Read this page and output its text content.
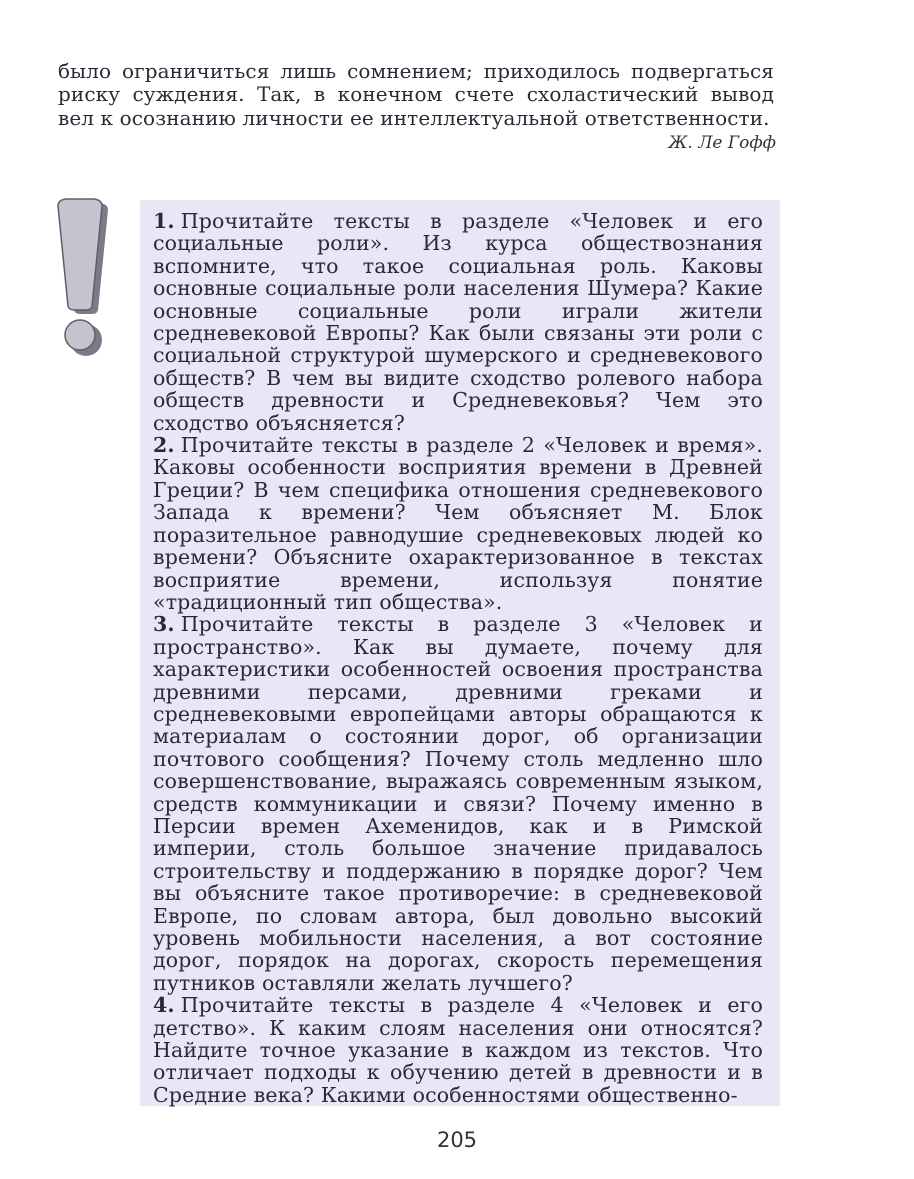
было ограничиться лишь сомнением; приходилось подвергаться риску суждения. Так, в конечном счете схоластический вывод вел к осознанию личности ее интеллектуальной ответственности.

Ж. Ле Гофф

1. Прочитайте тексты в разделе «Человек и его социальные роли». Из курса обществознания вспомните, что такое социальная роль. Каковы основные социальные роли населения Шумера? Какие основные социальные роли играли жители средневековой Европы? Как были связаны эти роли с социальной структурой шумерского и средневекового обществ? В чем вы видите сходство ролевого набора обществ древности и Средневековья? Чем это сходство объясняется?

2. Прочитайте тексты в разделе 2 «Человек и время». Каковы особенности восприятия времени в Древней Греции? В чем специфика отношения средневекового Запада к времени? Чем объясняет М. Блок поразительное равнодушие средневековых людей ко времени? Объясните охарактеризованное в текстах восприятие времени, используя понятие «традиционный тип общества».

3. Прочитайте тексты в разделе 3 «Человек и пространство». Как вы думаете, почему для характеристики особенностей освоения пространства древними персами, древними греками и средневековыми европейцами авторы обращаются к материалам о состоянии дорог, об организации почтового сообщения? Почему столь медленно шло совершенствование, выражаясь современным языком, средств коммуникации и связи? Почему именно в Персии времен Ахеменидов, как и в Римской империи, столь большое значение придавалось строительству и поддержанию в порядке дорог? Чем вы объясните такое противоречие: в средневековой Европе, по словам автора, был довольно высокий уровень мобильности населения, а вот состояние дорог, порядок на дорогах, скорость перемещения путников оставляли желать лучшего?

4. Прочитайте тексты в разделе 4 «Человек и его детство». К каким слоям населения они относятся? Найдите точное указание в каждом из текстов. Что отличает подходы к обучению детей в древности и в Средние века? Какими особенностями общественно-

205
